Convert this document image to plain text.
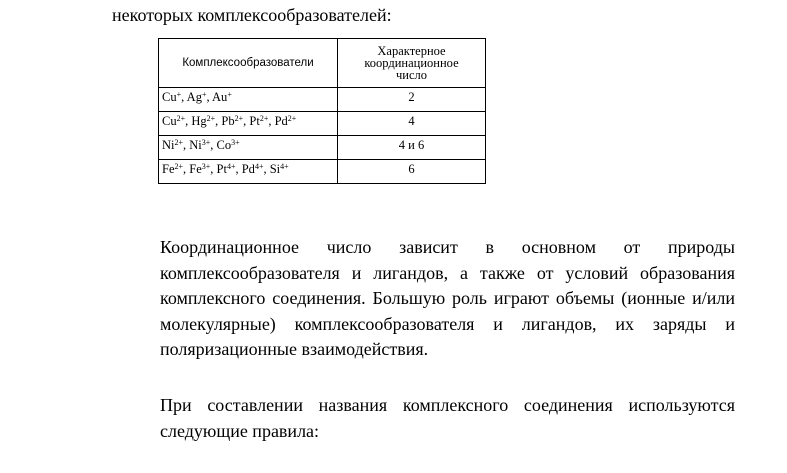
некоторых комплексообразователей:

Комплексообразователи	Характерное
координационное
число

Cu+, Ag+, Au+	2
$Cu^{2+}$, $Hg^{2+}$, $Pb^{2+}$, $Pt^{2+}$, $Pd^{2+}$	4
$Ni^{2+}$, $Ni^{3+}$, $Co^{3+}$	4 и 6
$Fe^{2+}$, $Fe^{3+}$, $Pt^{4+}$, $Pd^{4+}$, $Si^{4+}$	6

Координационное число зависит в основном от природы
комплексообразователя и лигандов, а также от условий образования
комплексного соединения. Большую роль играют объемы (ионные и/или
молекулярные) комплексообразователя и лигандов, их заряды и
поляризационные взаимодействия.

При составлении названия комплексного соединения используются
следующие правила:
